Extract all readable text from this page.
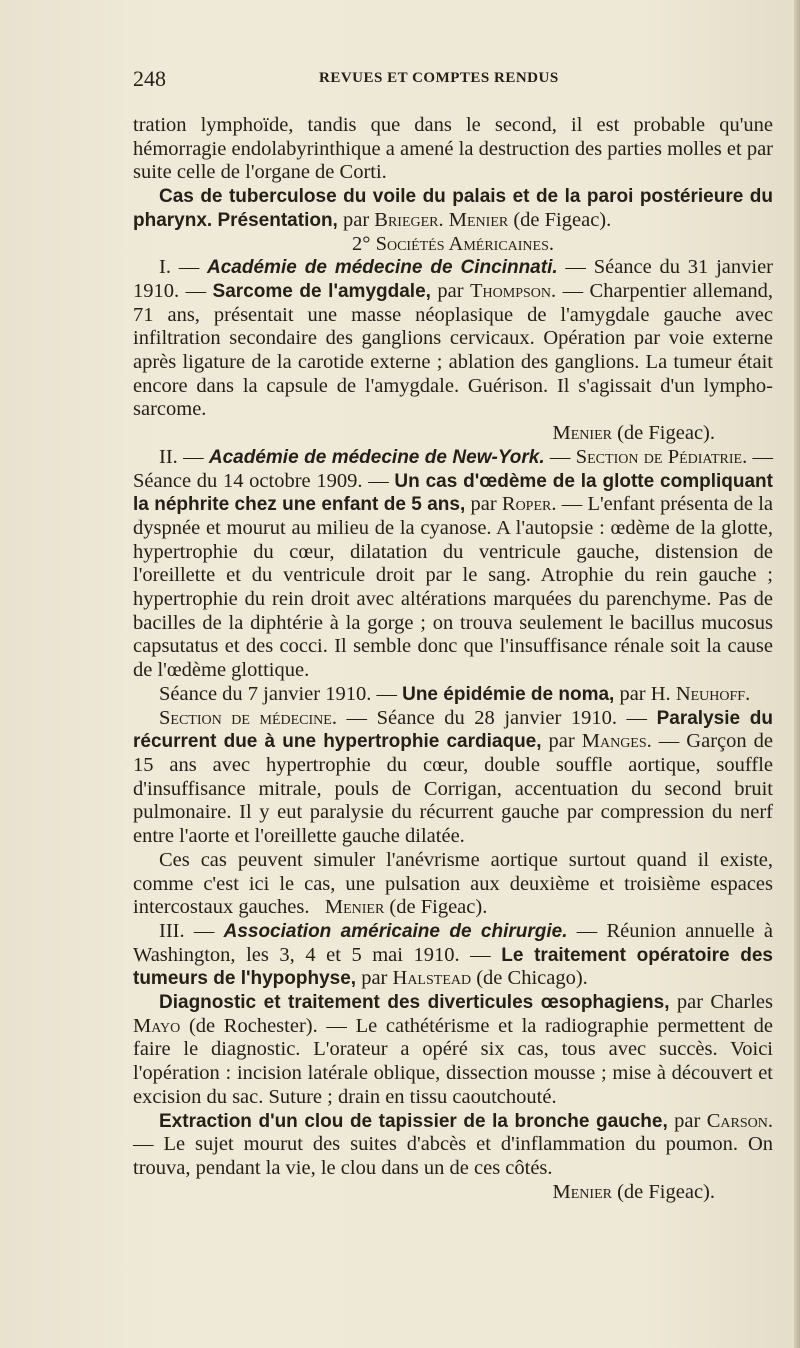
248	REVUES ET COMPTES RENDUS

tration lymphoïde, tandis que dans le second, il est probable qu'une hémorragie endolabyrinthique a amené la destruction des parties molles et par suite celle de l'organe de Corti.

Cas de tuberculose du voile du palais et de la paroi postérieure du pharynx. Présentation, par Brieger. Menier (de Figeac).

2° Sociétés Américaines.

I. — Académie de médecine de Cincinnati. — Séance du 31 janvier 1910. — Sarcome de l'amygdale, par Thompson. — Charpentier allemand, 71 ans, présentait une masse néoplasique de l'amygdale gauche avec infiltration secondaire des ganglions cervicaux. Opération par voie externe après ligature de la carotide externe ; ablation des ganglions. La tumeur était encore dans la capsule de l'amygdale. Guérison. Il s'agissait d'un lympho-sarcome.

Menier (de Figeac).

II. — Académie de médecine de New-York. — Section de Pédiatrie. — Séance du 14 octobre 1909. — Un cas d'œdème de la glotte compliquant la néphrite chez une enfant de 5 ans, par Roper. — L'enfant présenta de la dyspnée et mourut au milieu de la cyanose. A l'autopsie : œdème de la glotte, hypertrophie du cœur, dilatation du ventricule gauche, distension de l'oreillette et du ventricule droit par le sang. Atrophie du rein gauche ; hypertrophie du rein droit avec altérations marquées du parenchyme. Pas de bacilles de la diphtérie à la gorge ; on trouva seulement le bacillus mucosus capsutatus et des cocci. Il semble donc que l'insuffisance rénale soit la cause de l'œdème glottique.

Séance du 7 janvier 1910. — Une épidémie de noma, par H. Neuhoff.

Section de médecine. — Séance du 28 janvier 1910. — Paralysie du récurrent due à une hypertrophie cardiaque, par Manges. — Garçon de 15 ans avec hypertrophie du cœur, double souffle aortique, souffle d'insuffisance mitrale, pouls de Corrigan, accentuation du second bruit pulmonaire. Il y eut paralysie du récurrent gauche par compression du nerf entre l'aorte et l'oreillette gauche dilatée.

Ces cas peuvent simuler l'anévrisme aortique surtout quand il existe, comme c'est ici le cas, une pulsation aux deuxième et troisième espaces intercostaux gauches. Menier (de Figeac).

III. — Association américaine de chirurgie. — Réunion annuelle à Washington, les 3, 4 et 5 mai 1910. — Le traitement opératoire des tumeurs de l'hypophyse, par Halstead (de Chicago).

Diagnostic et traitement des diverticules œsophagiens, par Charles Mayo (de Rochester). — Le cathétérisme et la radiographie permettent de faire le diagnostic. L'orateur a opéré six cas, tous avec succès. Voici l'opération : incision latérale oblique, dissection mousse ; mise à découvert et excision du sac. Suture ; drain en tissu caoutchouté.

Extraction d'un clou de tapissier de la bronche gauche, par Carson. — Le sujet mourut des suites d'abcès et d'inflammation du poumon. On trouva, pendant la vie, le clou dans un de ces côtés.

Menier (de Figeac).
